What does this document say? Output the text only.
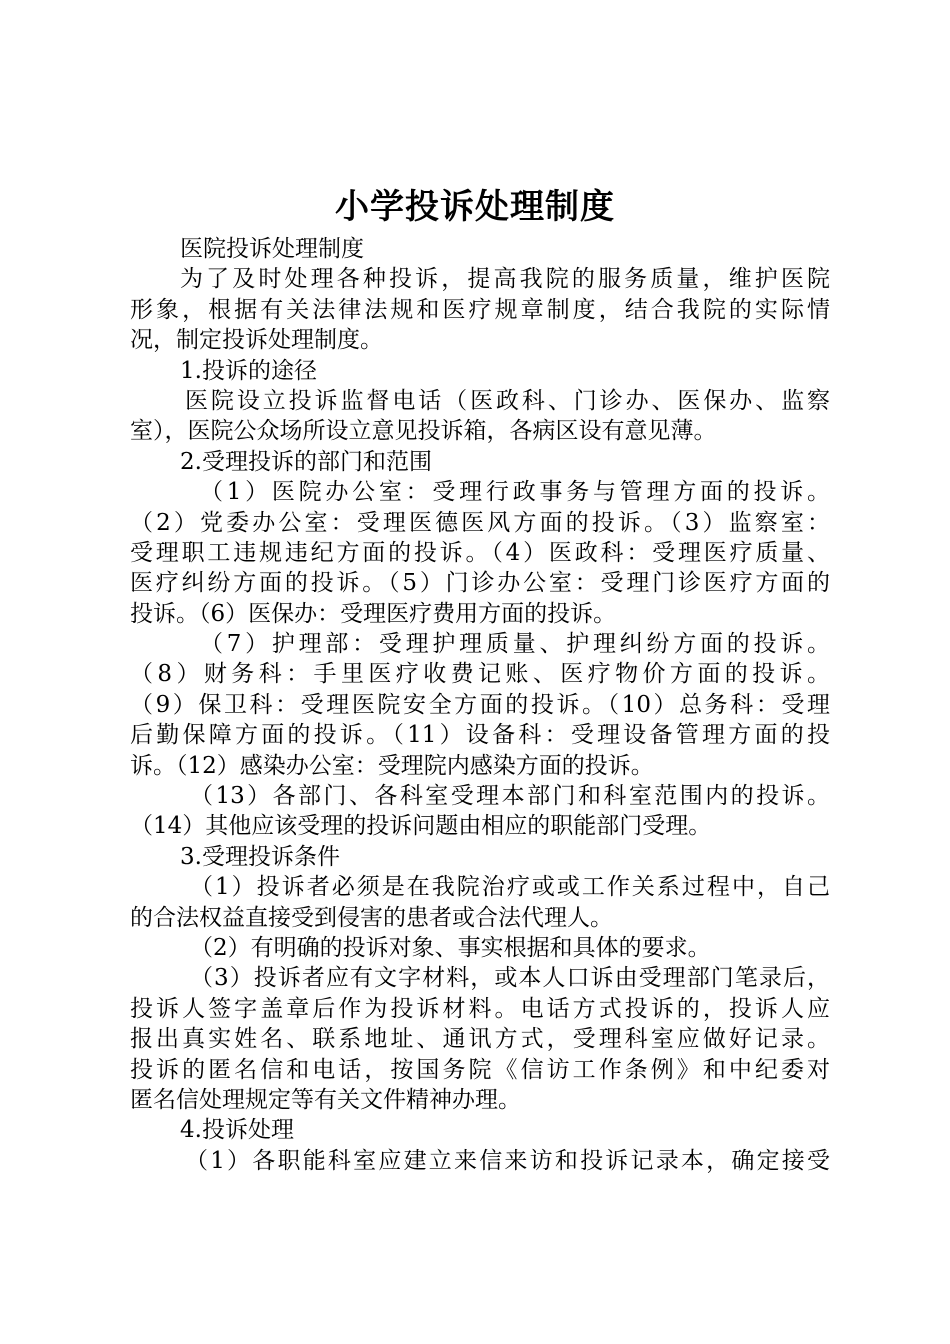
小学投诉处理制度
医院投诉处理制度
为了及时处理各种投诉，提高我院的服务质量，维护医院
形象，根据有关法律法规和医疗规章制度，结合我院的实际情
况，制定投诉处理制度。
1.投诉的途径
医院设立投诉监督电话（医政科、门诊办、医保办、监察
室），医院公众场所设立意见投诉箱，各病区设有意见薄。
2.受理投诉的部门和范围
（1）医院办公室：受理行政事务与管理方面的投诉。
（2）党委办公室：受理医德医风方面的投诉。（3）监察室：
受理职工违规违纪方面的投诉。（4）医政科：受理医疗质量、
医疗纠纷方面的投诉。（5）门诊办公室：受理门诊医疗方面的
投诉。（6）医保办：受理医疗费用方面的投诉。
（7）护理部：受理护理质量、护理纠纷方面的投诉。
（8）财务科：手里医疗收费记账、医疗物价方面的投诉。
（9）保卫科：受理医院安全方面的投诉。（10）总务科：受理
后勤保障方面的投诉。（11）设备科：受理设备管理方面的投
诉。（12）感染办公室：受理院内感染方面的投诉。
（13）各部门、各科室受理本部门和科室范围内的投诉。
（14）其他应该受理的投诉问题由相应的职能部门受理。
3.受理投诉条件
（1）投诉者必须是在我院治疗或或工作关系过程中，自己
的合法权益直接受到侵害的患者或合法代理人。
（2）有明确的投诉对象、事实根据和具体的要求。
（3）投诉者应有文字材料，或本人口诉由受理部门笔录后，
投诉人签字盖章后作为投诉材料。电话方式投诉的，投诉人应
报出真实姓名、联系地址、通讯方式，受理科室应做好记录。
投诉的匿名信和电话，按国务院《信访工作条例》和中纪委对
匿名信处理规定等有关文件精神办理。
4.投诉处理
（1）各职能科室应建立来信来访和投诉记录本，确定接受
